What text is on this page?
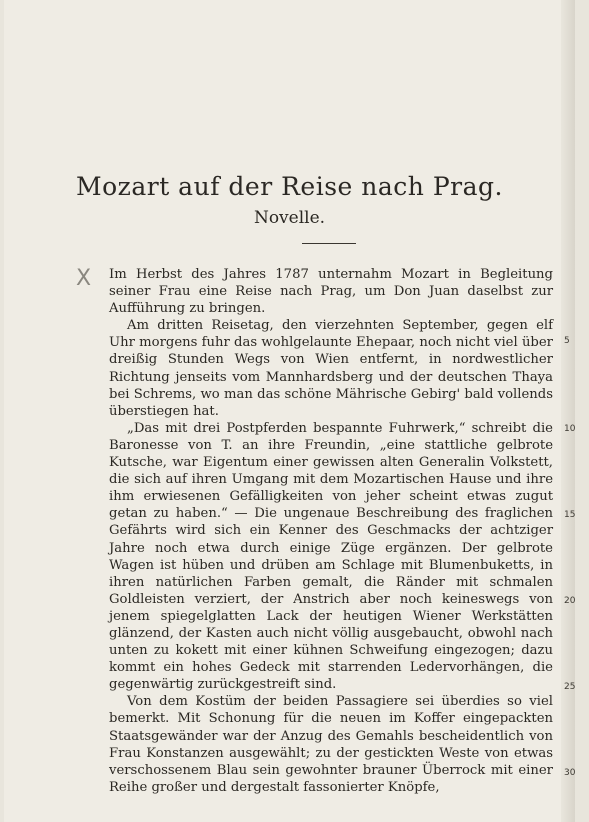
Mozart auf der Reise nach Prag.
Novelle.
X Im Herbst des Jahres 1787 unternahm Mozart in Begleitung seiner Frau eine Reise nach Prag, um Don Juan daselbst zur Aufführung zu bringen.

Am dritten Reisetag, den vierzehnten September, gegen elf Uhr morgens fuhr das wohlgelaunte Ehepaar, noch nicht viel über dreißig Stunden Wegs von Wien entfernt, in nordwestlicher Richtung jenseits vom Mannhardsberg und der deutschen Thaya bei Schrems, wo man das schöne Mährische Gebirg' bald vollends überstiegen hat.

„Das mit drei Postpferden bespannte Fuhrwerk,“ schreibt die Baronesse von T. an ihre Freundin, „eine stattliche gelbrote Kutsche, war Eigentum einer gewissen alten Generalin Volkstett, die sich auf ihren Umgang mit dem Mozartischen Hause und ihre ihm erwiesenen Gefälligkeiten von jeher scheint etwas zugut getan zu haben.“ — Die ungenaue Beschreibung des fraglichen Gefährts wird sich ein Kenner des Geschmacks der achtziger Jahre noch etwa durch einige Züge ergänzen. Der gelbrote Wagen ist hüben und drüben am Schlage mit Blumenbuketts, in ihren natürlichen Farben gemalt, die Ränder mit schmalen Goldleisten verziert, der Anstrich aber noch keineswegs von jenem spiegelglatten Lack der heutigen Wiener Werkstätten glänzend, der Kasten auch nicht völlig ausgebaucht, obwohl nach unten zu kokett mit einer kühnen Schweifung eingezogen; dazu kommt ein hohes Gedeck mit starrenden Ledervorhängen, die gegenwärtig zurückgestreift sind.

Von dem Kostüm der beiden Passagiere sei überdies so viel bemerkt. Mit Schonung für die neuen im Koffer eingepackten Staatsgewänder war der Anzug des Gemahls bescheidentlich von Frau Konstanzen ausgewählt; zu der gestickten Weste von etwas verschossenem Blau sein gewohnter brauner Überrock mit einer Reihe großer und dergestalt fassonierter Knöpfe,

5
10
15
20
25
30
